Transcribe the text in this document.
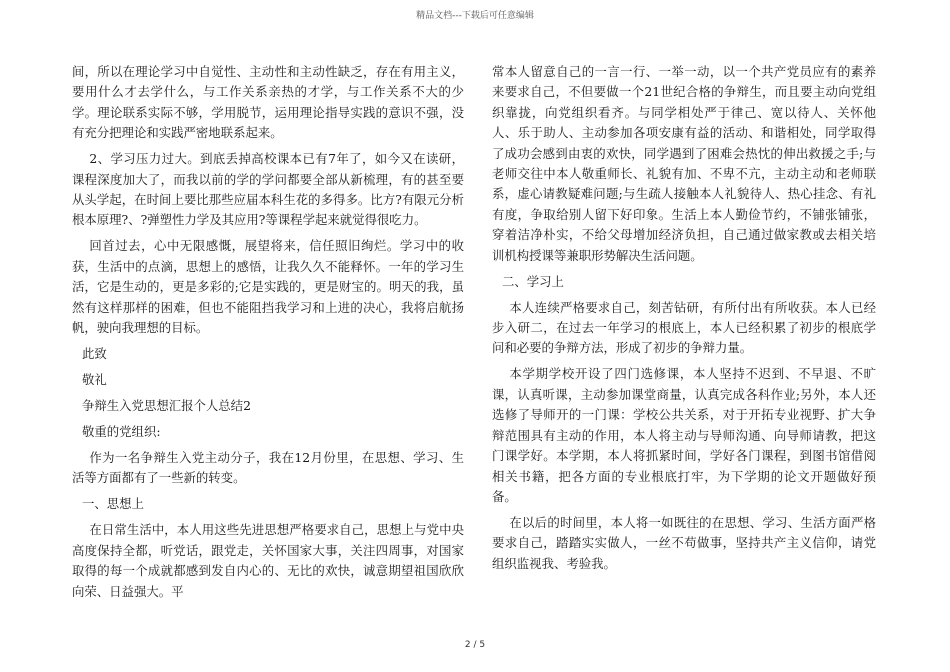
精品文档---下载后可任意编辑

间，所以在理论学习中自觉性、主动性和主动性缺乏，存在有用主义，要用什么才去学什么，与工作关系亲热的才学，与工作关系不大的少学。理论联系实际不够，学用脱节，运用理论指导实践的意识不强，没有充分把理论和实践严密地联系起来。

2、学习压力过大。到底丢掉高校课本已有7年了，如今又在读研，课程深度加大了，而我以前的学的学问都要全部从新梳理，有的甚至要从头学起，在时间上要比那些应届本科生花的多得多。比方?有限元分析根本原理?、?弹塑性力学及其应用?等课程学起来就觉得很吃力。

回首过去，心中无限感慨，展望将来，信任照旧绚烂。学习中的收获，生活中的点滴，思想上的感悟，让我久久不能释怀。一年的学习生活，它是生动的，更是多彩的;它是实践的，更是财宝的。明天的我，虽然有这样那样的困难，但也不能阻挡我学习和上进的决心，我将启航扬帆，驶向我理想的目标。

此致

敬礼

争辩生入党思想汇报个人总结2

敬重的党组织:

作为一名争辩生入党主动分子，我在12月份里，在思想、学习、生活等方面都有了一些新的转变。

一、思想上

在日常生活中，本人用这些先进思想严格要求自己，思想上与党中央高度保持全都，听党话，跟党走，关怀国家大事，关注四周事，对国家取得的每一个成就都感到发自内心的、无比的欢快，诚意期望祖国欣欣向荣、日益强大。平

常本人留意自己的一言一行、一举一动，以一个共产党员应有的素养来要求自己，不但要做一个21世纪合格的争辩生，而且要主动向党组织靠拢，向党组织看齐。与同学相处严于律己、宽以待人、关怀他人、乐于助人、主动参加各项安康有益的活动、和谐相处，同学取得了成功会感到由衷的欢快，同学遇到了困难会热忱的伸出救援之手;与老师交往中本人敬重师长、礼貌有加、不卑不亢，主动主动和老师联系，虚心请教疑难问题;与生疏人接触本人礼貌待人、热心挂念、有礼有度，争取给别人留下好印象。生活上本人勤俭节约，不铺张铺张，穿着洁净朴实，不给父母增加经济负担，自己通过做家教或去相关培训机构授课等兼职形势解决生活问题。

二、学习上

本人连续严格要求自己，刻苦钻研，有所付出有所收获。本人已经步入研二，在过去一年学习的根底上，本人已经积累了初步的根底学问和必要的争辩方法，形成了初步的争辩力量。

本学期学校开设了四门选修课，本人坚持不迟到、不早退、不旷课，认真听课，主动参加课堂商量，认真完成各科作业;另外，本人还选修了导师开的一门课：学校公共关系，对于开拓专业视野、扩大争辩范围具有主动的作用，本人将主动与导师沟通、向导师请教，把这门课学好。本学期，本人将抓紧时间，学好各门课程，到图书馆借阅相关书籍，把各方面的专业根底打牢，为下学期的论文开题做好预备。

在以后的时间里，本人将一如既往的在思想、学习、生活方面严格要求自己，踏踏实实做人，一丝不苟做事，坚持共产主义信仰，请党组织监视我、考验我。

2 / 5
